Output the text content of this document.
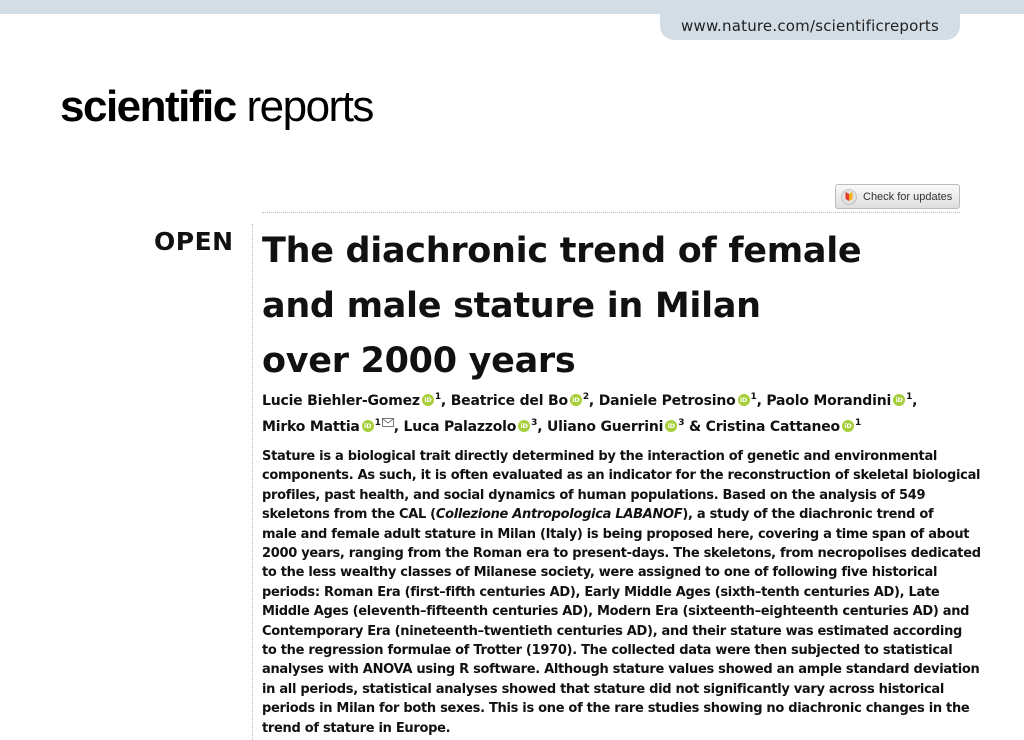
www.nature.com/scientificreports
scientific reports
Check for updates
OPEN The diachronic trend of female
and male stature in Milan
over 2000 years
Lucie Biehler-Gomez iD $^1$, Beatrice del Bo iD $^2$, Daniele Petrosino iD $^1$, Paolo Morandini iD $^1$,
Mirko Mattia iD $^1$ , Luca Palazzolo iD $^3$, Uliano Guerrini iD $^3$ & Cristina Cattaneo iD $^1$
Stature is a biological trait directly determined by the interaction of genetic and environmental
components. As such, it is often evaluated as an indicator for the reconstruction of skeletal biological
profiles, past health, and social dynamics of human populations. Based on the analysis of 549
skeletons from the CAL (Collezione Antropologica LABANOF), a study of the diachronic trend of
male and female adult stature in Milan (Italy) is being proposed here, covering a time span of about
2000 years, ranging from the Roman era to present-days. The skeletons, from necropolises dedicated
to the less wealthy classes of Milanese society, were assigned to one of following five historical
periods: Roman Era (first–fifth centuries AD), Early Middle Ages (sixth–tenth centuries AD), Late
Middle Ages (eleventh–fifteenth centuries AD), Modern Era (sixteenth–eighteenth centuries AD) and
Contemporary Era (nineteenth–twentieth centuries AD), and their stature was estimated according
to the regression formulae of Trotter (1970). The collected data were then subjected to statistical
analyses with ANOVA using R software. Although stature values showed an ample standard deviation
in all periods, statistical analyses showed that stature did not significantly vary across historical
periods in Milan for both sexes. This is one of the rare studies showing no diachronic changes in the
trend of stature in Europe.
